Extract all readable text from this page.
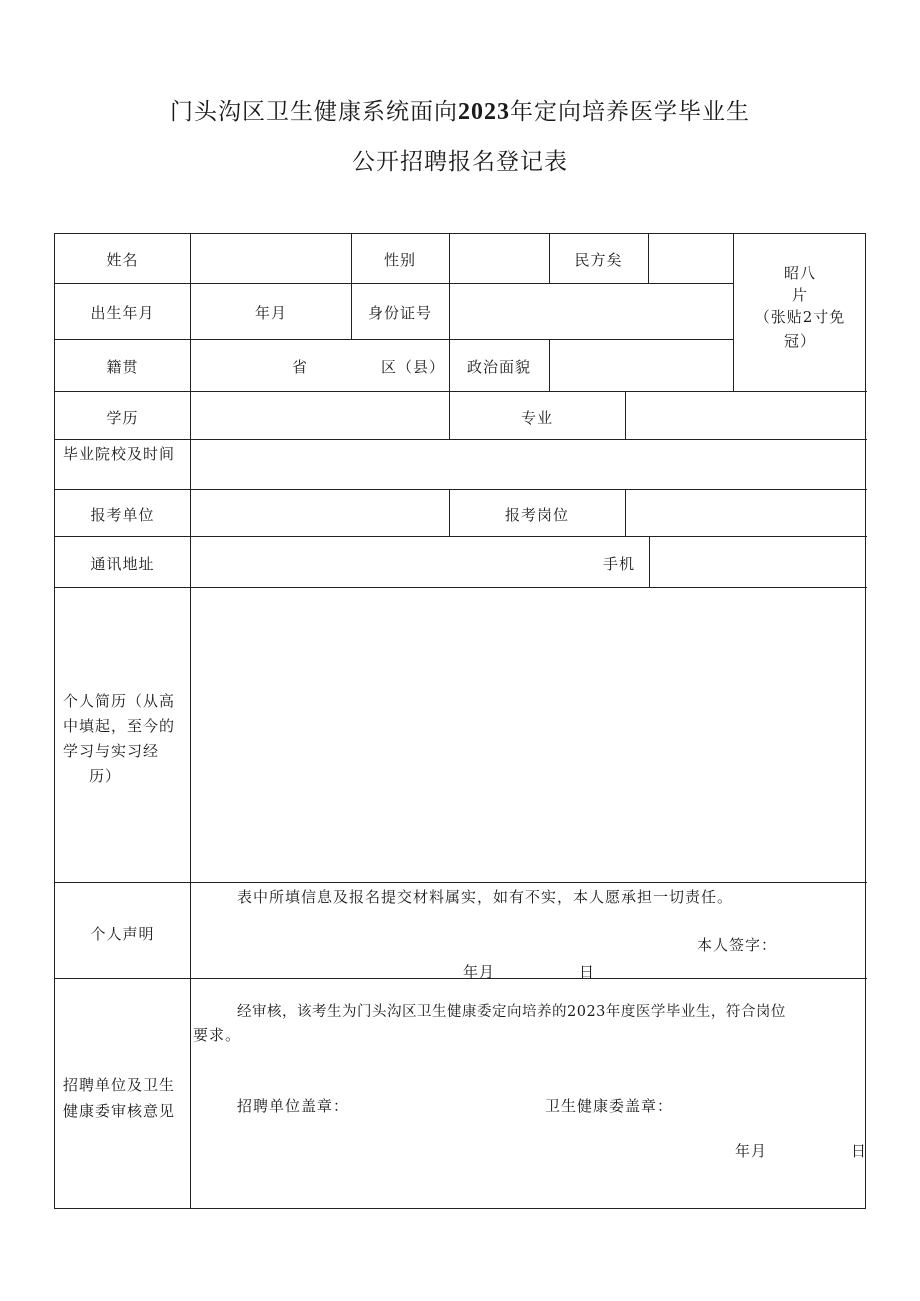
门头沟区卫生健康系统面向2023年定向培养医学毕业生
公开招聘报名登记表
姓名	性别	民方矣
昭八
片
（张贴2寸免
冠）
出生年月	年月	身份证号
籍贯	省	区（县）	政治面貌
学历	专业
毕业院校及时间
报考单位	报考岗位
通讯地址	手机
个人简历（从高
中填起，至今的
学习与实习经
历）
个人声明
表中所填信息及报名提交材料属实，如有不实，本人愿承担一切责任。
本人签字：
年月	日
招聘单位及卫生
健康委审核意见
经审核，该考生为门头沟区卫生健康委定向培养的2023年度医学毕业生，符合岗位
要求。
招聘单位盖章：	卫生健康委盖章：
年月	日
